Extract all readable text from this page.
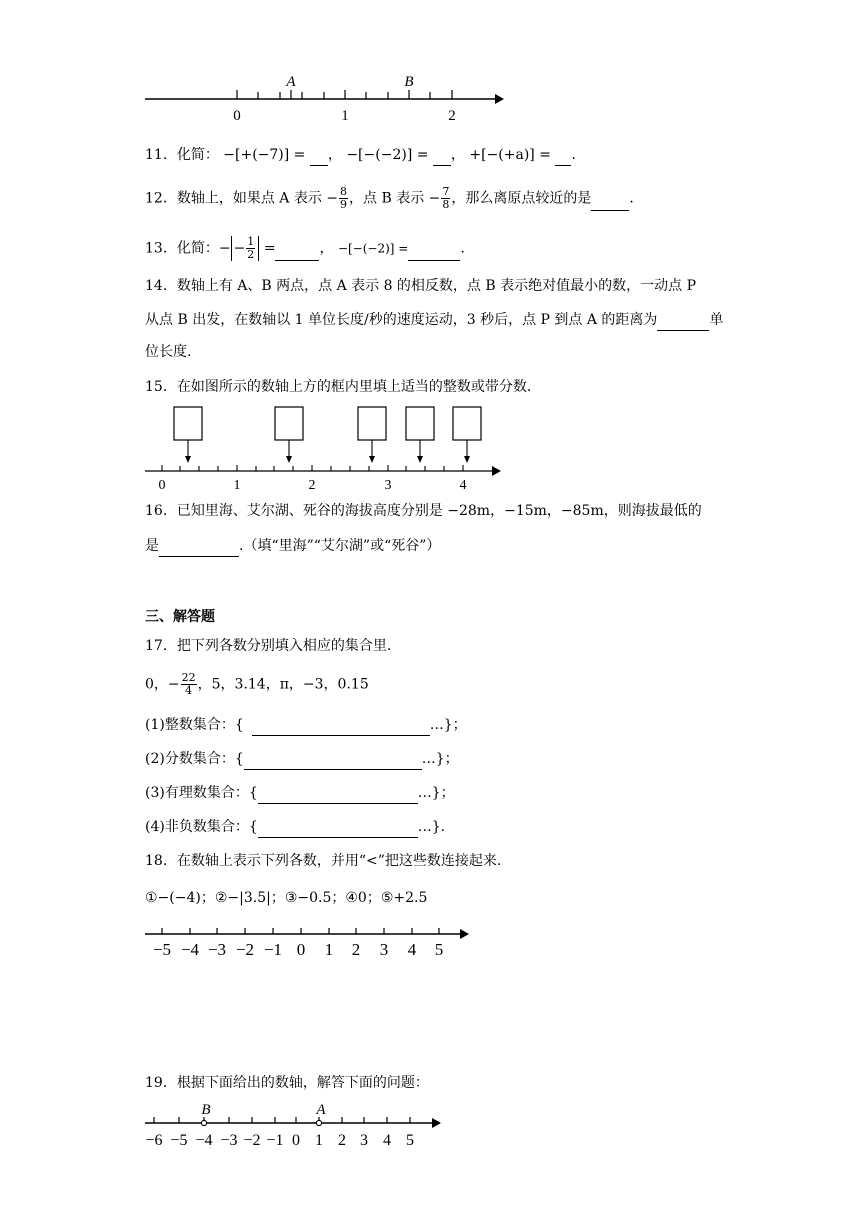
A	B
0	1	2
11．化简： −[+(−7)] = ， −[−(−2)] = ， +[−(+a)] = .
12．数轴上，如果点 A 表示 − $\frac{8}{9}$ ，点 B 表示 − $\frac{7}{8}$ ，那么离原点较近的是	.
13．化简：− − $\frac{1}{2}$ =	， −[−(−2)] =	.
14．数轴上有 A、B 两点，点 A 表示 8 的相反数，点 B 表示绝对值最小的数，一动点 P
从点 B 出发，在数轴以 1 单位长度/秒的速度运动，3 秒后，点 P 到点 A 的距离为	单
位长度.
15．在如图所示的数轴上方的框内里填上适当的整数或带分数.
0	1	2	3	4
16．已知里海、艾尔湖、死谷的海拔高度分别是 −28m，−15m，−85m，则海拔最低的
是	.（填“里海”“艾尔湖”或“死谷”）
三、解答题
17．把下列各数分别填入相应的集合里.
0，− $\frac{22}{4}$ ，5，3.14，π，−3，0.15̇
(1)整数集合：{	…}；
(2)分数集合：{	…}；
(3)有理数集合：{	…}；
(4)非负数集合：{	…}.
18．在数轴上表示下列各数，并用“<”把这些数连接起来.
①−(−4)；②−|3.5|；③−0.5；④0；⑤+2.5
−5 −4 −3 −2 −1 0 1 2 3 4 5
19．根据下面给出的数轴，解答下面的问题：
B	A
−6 −5 −4 −3 −2 −1 0 1 2 3 4 5
